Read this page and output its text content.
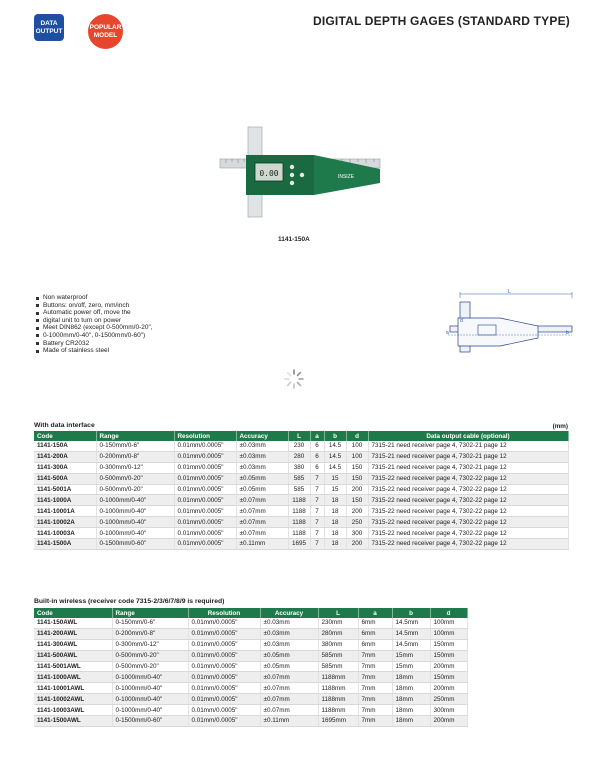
DATA
OUTPUT
POPULAR
MODEL
DIGITAL DEPTH GAGES (STANDARD TYPE)
0.00	INSIZE
1141-150A
Non waterproof
Buttons: on/off, zero, mm/inch
Automatic power off, move the
digital unit to turn on power
Meet DIN862 (except 0-500mm/0-20",
0-1000mm/0-40", 0-1500mm/0-60")
Battery CR2032
Made of stainless steel
L
d
a	b
With data interface	(mm)
Code	Range	Resolution	Accuracy	L	a	b	d	Data output cable (optional)
1141-150A	0-150mm/0-6"	0.01mm/0.0005"	±0.03mm	230	6	14.5	100	7315-21 need receiver page 4, 7302-21 page 12
1141-200A	0-200mm/0-8"	0.01mm/0.0005"	±0.03mm	280	6	14.5	100	7315-21 need receiver page 4, 7302-21 page 12
1141-300A	0-300mm/0-12"	0.01mm/0.0005"	±0.03mm	380	6	14.5	150	7315-21 need receiver page 4, 7302-21 page 12
1141-500A	0-500mm/0-20"	0.01mm/0.0005"	±0.05mm	585	7	15	150	7315-22 need receiver page 4, 7302-22 page 12
1141-5001A	0-500mm/0-20"	0.01mm/0.0005"	±0.05mm	585	7	15	200	7315-22 need receiver page 4, 7302-22 page 12
1141-1000A	0-1000mm/0-40"	0.01mm/0.0005"	±0.07mm	1188	7	18	150	7315-22 need receiver page 4, 7302-22 page 12
1141-10001A	0-1000mm/0-40"	0.01mm/0.0005"	±0.07mm	1188	7	18	200	7315-22 need receiver page 4, 7302-22 page 12
1141-10002A	0-1000mm/0-40"	0.01mm/0.0005"	±0.07mm	1188	7	18	250	7315-22 need receiver page 4, 7302-22 page 12
1141-10003A	0-1000mm/0-40"	0.01mm/0.0005"	±0.07mm	1188	7	18	300	7315-22 need receiver page 4, 7302-22 page 12
1141-1500A	0-1500mm/0-60"	0.01mm/0.0005"	±0.11mm	1695	7	18	200	7315-22 need receiver page 4, 7302-22 page 12
Built-in wireless (receiver code 7315-2/3/6/7/8/9 is required)
Code	Range	Resolution	Accuracy	L	a	b	d
1141-150AWL	0-150mm/0-6"	0.01mm/0.0005"	±0.03mm	230mm	6mm	14.5mm	100mm
1141-200AWL	0-200mm/0-8"	0.01mm/0.0005"	±0.03mm	280mm	6mm	14.5mm	100mm
1141-300AWL	0-300mm/0-12"	0.01mm/0.0005"	±0.03mm	380mm	6mm	14.5mm	150mm
1141-500AWL	0-500mm/0-20"	0.01mm/0.0005"	±0.05mm	585mm	7mm	15mm	150mm
1141-5001AWL	0-500mm/0-20"	0.01mm/0.0005"	±0.05mm	585mm	7mm	15mm	200mm
1141-1000AWL	0-1000mm/0-40"	0.01mm/0.0005"	±0.07mm	1188mm	7mm	18mm	150mm
1141-10001AWL	0-1000mm/0-40"	0.01mm/0.0005"	±0.07mm	1188mm	7mm	18mm	200mm
1141-10002AWL	0-1000mm/0-40"	0.01mm/0.0005"	±0.07mm	1188mm	7mm	18mm	250mm
1141-10003AWL	0-1000mm/0-40"	0.01mm/0.0005"	±0.07mm	1188mm	7mm	18mm	300mm
1141-1500AWL	0-1500mm/0-60"	0.01mm/0.0005"	±0.11mm	1695mm	7mm	18mm	200mm
